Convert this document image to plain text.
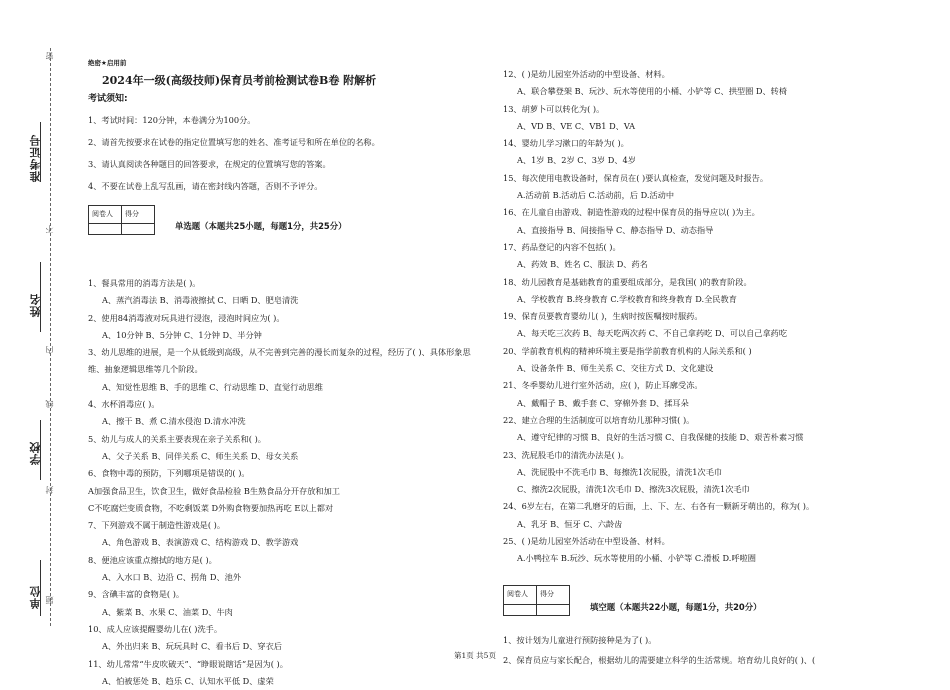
密
准考证号
不
姓名
内
线
学校
封
单位 题
绝密★启用前
2024年一级(高级技师)保育员考前检测试卷B卷 附解析
考试须知:
1、考试时间：120分钟，本卷满分为100分。
2、请首先按要求在试卷的指定位置填写您的姓名、准考证号和所在单位的名称。
3、请认真阅读各种题目的回答要求，在规定的位置填写您的答案。
4、不要在试卷上乱写乱画，请在密封线内答题，否则不予评分。
阅卷人	得分

单选题（本题共25小题，每题1分，共25分）
1、餐具常用的消毒方法是( )。
A、蒸汽消毒法 B、消毒液擦拭 C、日晒 D、肥皂清洗
2、使用84消毒液对玩具进行浸泡，浸泡时间应为( )。
A、10分钟 B、5分钟 C、1分钟 D、半分钟
3、幼儿思维的进展，是一个从低级到高级，从不完善到完善的漫长而复杂的过程，经历了( )、具体形象思维、抽象逻辑思维等几个阶段。
A、知觉性思维 B、手的思维 C、行动思维 D、直觉行动思维
4、水杯消毒应( )。
A、擦干 B、煮 C.清水侵泡 D.清水冲洗
5、幼儿与成人的关系主要表现在亲子关系和( )。
A、父子关系 B、同伴关系 C、师生关系 D、母女关系
6、食物中毒的预防，下列哪项是错误的( )。
A加强食品卫生，饮食卫生，做好食品检验 B生熟食品分开存放和加工
C不吃腐烂变质食物，不吃剩饭菜 D外购食物要加热再吃 E以上都对
7、下列游戏不属于制造性游戏是( )。
A、角色游戏 B、表演游戏 C、结构游戏 D、教学游戏
8、便池应该重点擦拭的地方是( )。
A、入水口 B、边沿 C、拐角 D、池外
9、含碘丰富的食物是( )。
A、紫菜 B、水果 C、油菜 D、牛肉
10、成人应该提醒婴幼儿在( )洗手。
A、外出归来 B、玩玩具时 C、看书后 D、穿衣后
11、幼儿常常“牛皮吹破天”、“睁眼说瞎话”是因为( )。
A、怕被惩处 B、趋乐 C、认知水平低 D、虚荣
12、( )是幼儿园室外活动的中型设备、材料。
A、联合攀登架 B、玩沙、玩水等使用的小桶、小铲等 C、拱型圈 D、转椅
13、胡萝卜可以转化为( )。
A、VD B、VE C、VB1 D、VA
14、婴幼儿学习漱口的年龄为( )。
A、1岁 B、2岁 C、3岁 D、4岁
15、每次使用电教设备时，保育员在( )要认真检查，发觉问题及时报告。
A.活动前 B.活动后 C.活动前，后 D.活动中
16、在儿童自由游戏、制造性游戏的过程中保育员的指导应以( )为主。
A、直接指导 B、间接指导 C、静态指导 D、动态指导
17、药品登记的内容不包括( )。
A、药效 B、姓名 C、服法 D、药名
18、幼儿园教育是基础教育的重要组成部分，是我国( )的教育阶段。
A、学校教育 B.终身教育 C.学校教育和终身教育 D.全民教育
19、保育员要教育婴幼儿( )，生病时按医嘱按时服药。
A、每天吃三次药 B、每天吃两次药 C、不自己拿药吃 D、可以自己拿药吃
20、学前教育机构的精神环境主要是指学前教育机构的人际关系和( )
A、设备条件 B、师生关系 C、交往方式 D、文化建设
21、冬季婴幼儿进行室外活动，应( )，防止耳廓受冻。
A、戴帽子 B、戴手套 C、穿棉外套 D、揉耳朵
22、建立合理的生活制度可以培育幼儿那种习惯( )。
A、遵守纪律的习惯 B、良好的生活习惯 C、自我保健的技能 D、艰苦朴素习惯
23、洗屁股毛巾的清洗办法是( )。
A、洗屁股中不洗毛巾 B、每擦洗1次屁股，清洗1次毛巾
C、擦洗2次屁股，清洗1次毛巾 D、擦洗3次屁股，清洗1次毛巾
24、6岁左右，在第二乳磨牙的后面，上、下、左、右各有一颗新牙萌出的，称为( )。
A、乳牙 B、恒牙 C、六龄齿
25、( )是幼儿园室外活动在中型设备、材料。
A.小鸭拉车 B.玩沙、玩水等使用的小桶、小铲等 C.滑板 D.呼啦圈
阅卷人	得分

填空题（本题共22小题，每题1分，共20分）
1、按计划为儿童进行预防接种是为了( )。
2、保育员应与家长配合，根据幼儿的需要建立科学的生活常规。培育幼儿良好的( )、(
第1页 共5页
